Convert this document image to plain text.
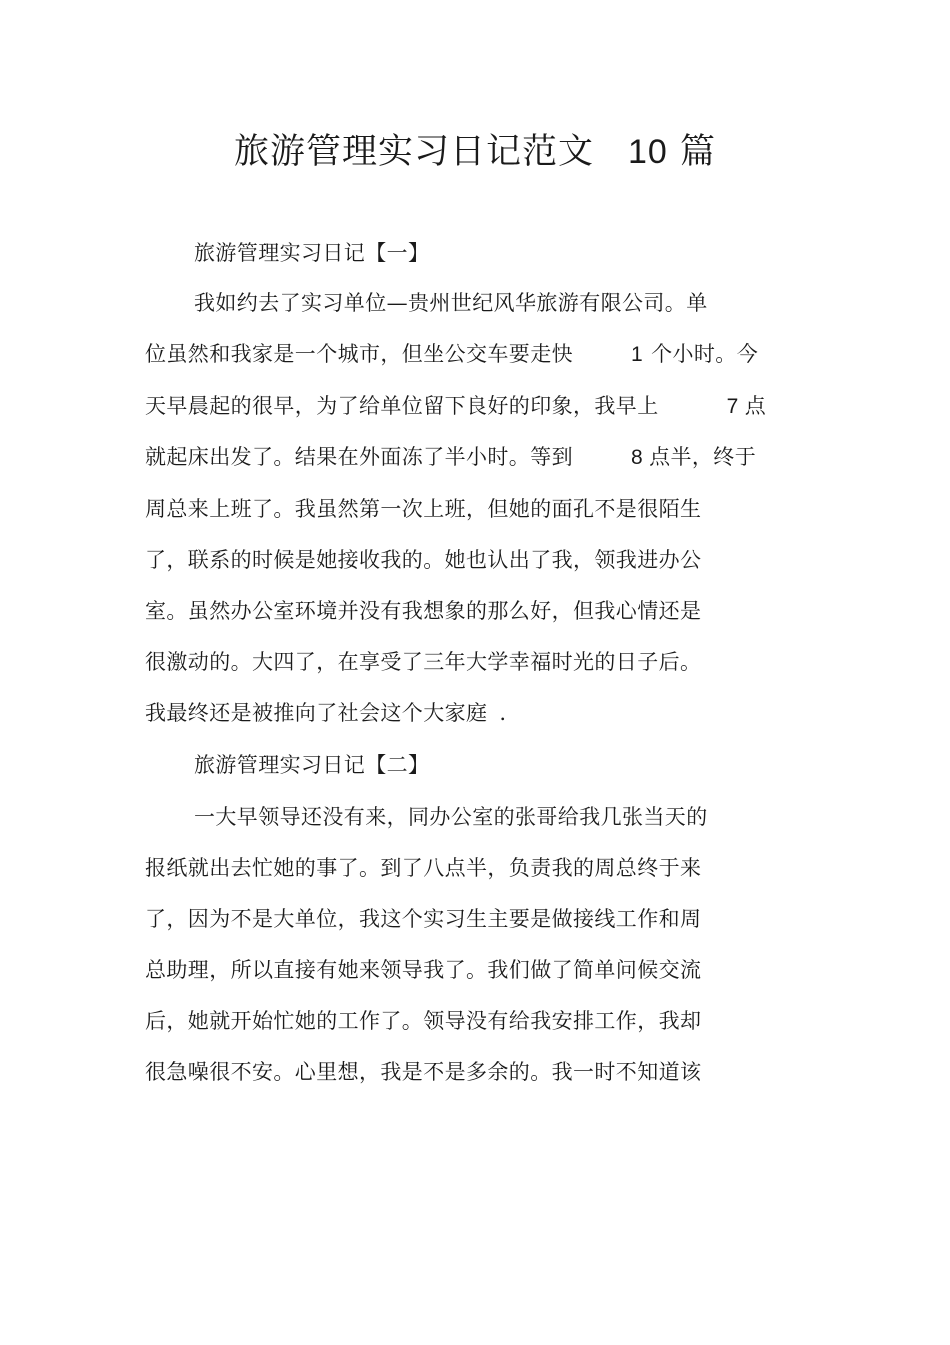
旅游管理实习日记范文 10 篇
旅游管理实习日记【一】
我如约去了实习单位—贵州世纪风华旅游有限公司。单
位虽然和我家是一个城市，但坐公交车要走快	1 个小时。今
天早晨起的很早，为了给单位留下良好的印象，我早上	7 点
就起床出发了。结果在外面冻了半小时。等到	8 点半，终于
周总来上班了。我虽然第一次上班，但她的面孔不是很陌生
了，联系的时候是她接收我的。她也认出了我，领我进办公
室。虽然办公室环境并没有我想象的那么好，但我心情还是
很激动的。大四了，在享受了三年大学幸福时光的日子后。
我最终还是被推向了社会这个大家庭 .
旅游管理实习日记【二】
一大早领导还没有来，同办公室的张哥给我几张当天的
报纸就出去忙她的事了。到了八点半，负责我的周总终于来
了，因为不是大单位，我这个实习生主要是做接线工作和周
总助理，所以直接有她来领导我了。我们做了简单问候交流
后，她就开始忙她的工作了。领导没有给我安排工作，我却
很急噪很不安。心里想，我是不是多余的。我一时不知道该
